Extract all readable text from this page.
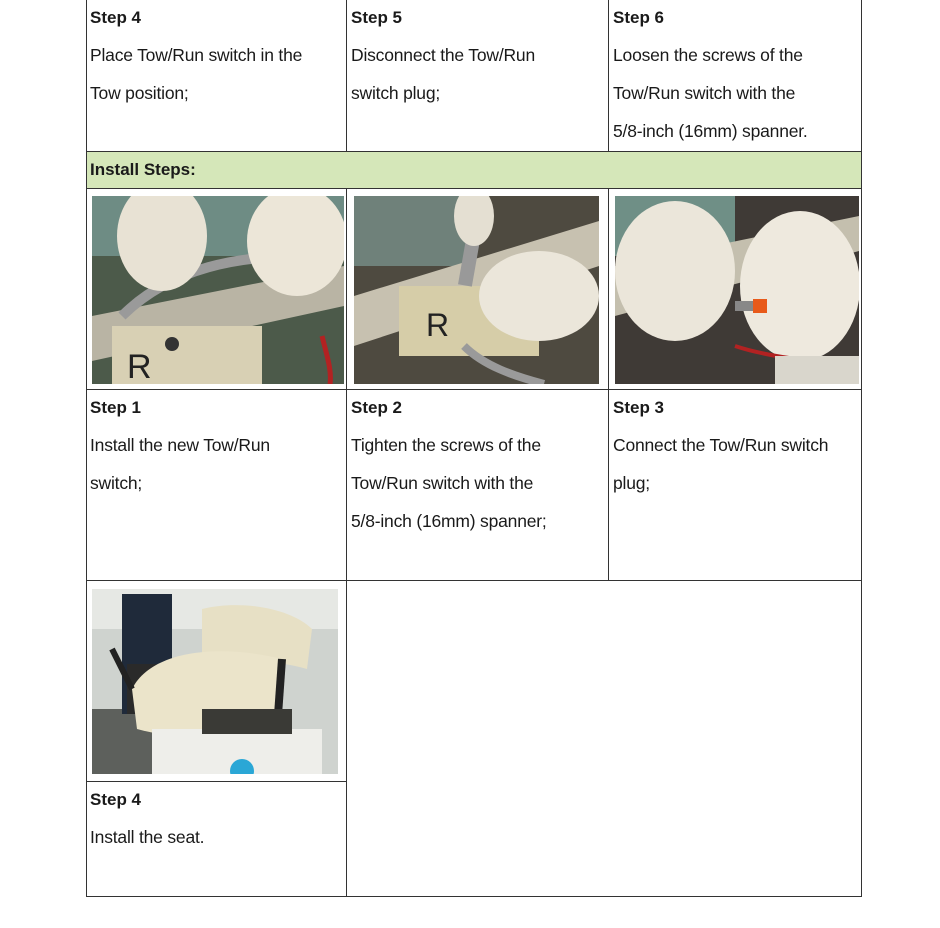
Step 4
Place Tow/Run switch in the
Tow position;
Step 5
Disconnect the Tow/Run
switch plug;
Step 6
Loosen the screws of the
Tow/Run switch with the
5/8-inch (16mm) spanner.
Install Steps:
R
R
Step 1
Install the new Tow/Run
switch;
Step 2
Tighten the screws of the
Tow/Run switch with the
5/8-inch (16mm) spanner;
Step 3
Connect the Tow/Run switch
plug;
Step 4
Install the seat.
